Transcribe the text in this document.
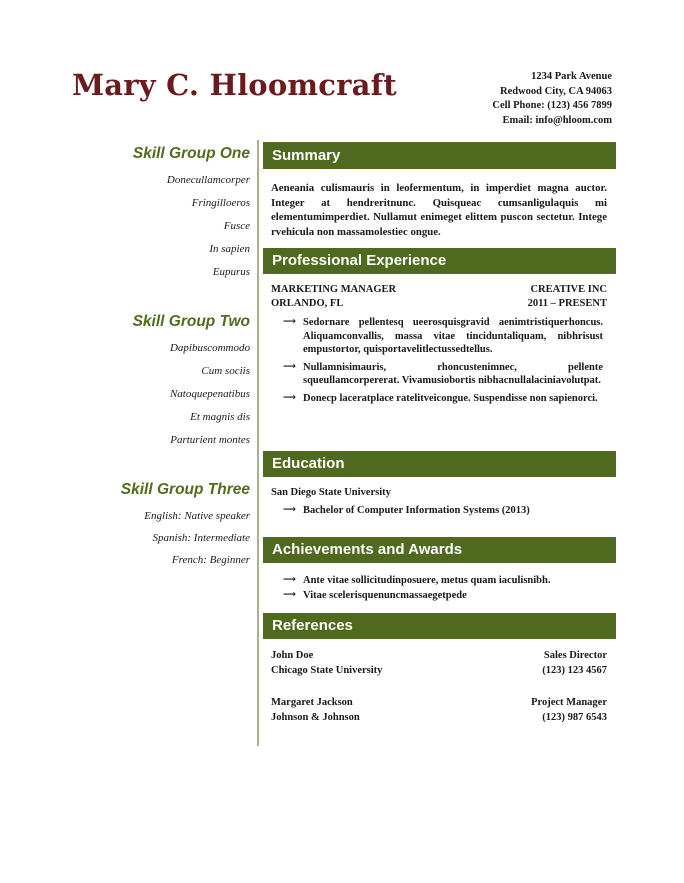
Mary C. Hloomcraft	1234 Park Avenue
Redwood City, CA 94063
Cell Phone: (123) 456 7899
Email: info@hloom.com
Skill Group One
Donecullamcorper
Fringilloeros
Fusce
In sapien
Eupurus
Skill Group Two
Dapibuscommodo
Cum sociis
Natoquepenatibus
Et magnis dis
Parturient montes
Skill Group Three
English: Native speaker
Spanish: Intermediate
French: Beginner
Summary
Aeneania culismauris in leofermentum, in imperdiet magna auctor. Integer at hendreritnunc. Quisqueac cumsanligulaquis mi elementumimperdiet. Nullamut enimeget elittem puscon sectetur. Intege rvehicula non massamolestiec ongue.
Professional Experience
MARKETING MANAGER	CREATIVE INC
ORLANDO, FL	2011 – PRESENT
⟶ Sedornare pellentesq ueerosquisgravid aenimtristiquerhoncus. Aliquamconvallis, massa vitae tinciduntaliquam, nibhrisust empustortor, quisportavelitlectussedtellus.
⟶ Nullamnisimauris, rhoncustenimnec, pellente squeullamcorpererat. Vivamusiobortis nibhacnullalaciniavolutpat.
⟶ Donecp laceratplace ratelitveicongue. Suspendisse non sapienorci.
Education
San Diego State University
⟶ Bachelor of Computer Information Systems (2013)
Achievements and Awards
⟶ Ante vitae sollicitudinposuere, metus quam iaculisnibh.
⟶ Vitae scelerisquenuncmassaegetpede
References
John Doe	Sales Director
Chicago State University	(123) 123 4567
Margaret Jackson	Project Manager
Johnson & Johnson	(123) 987 6543
